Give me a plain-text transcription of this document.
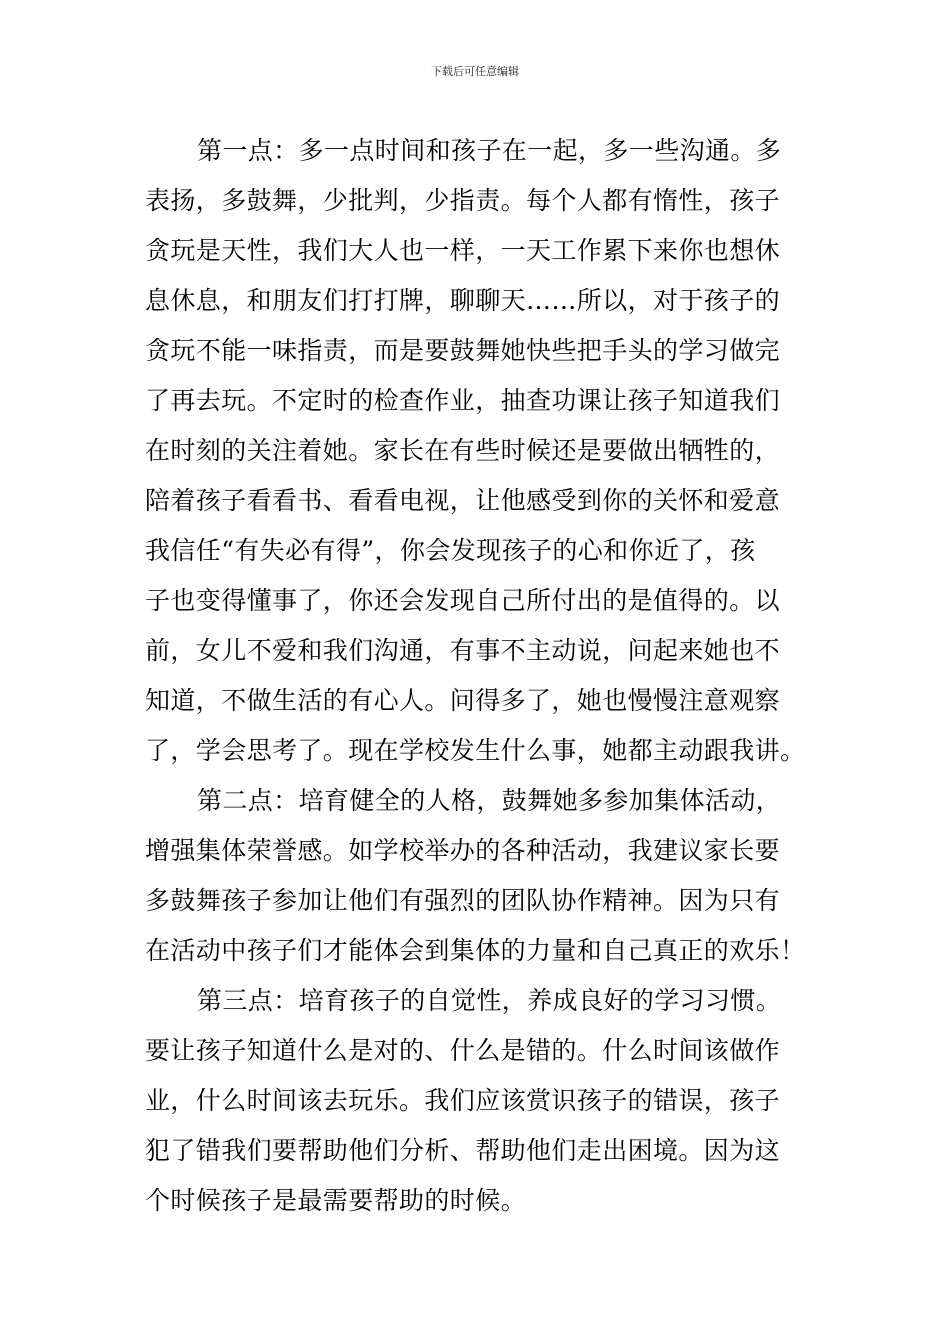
下载后可任意编辑
第一点：多一点时间和孩子在一起，多一些沟通。多
表扬，多鼓舞，少批判，少指责。每个人都有惰性，孩子
贪玩是天性，我们大人也一样，一天工作累下来你也想休
息休息，和朋友们打打牌，聊聊天……所以，对于孩子的
贪玩不能一味指责，而是要鼓舞她快些把手头的学习做完
了再去玩。不定时的检查作业，抽查功课让孩子知道我们
在时刻的关注着她。家长在有些时候还是要做出牺牲的，
陪着孩子看看书、看看电视，让他感受到你的关怀和爱意
我信任“有失必有得”，你会发现孩子的心和你近了，孩
子也变得懂事了，你还会发现自己所付出的是值得的。以
前，女儿不爱和我们沟通，有事不主动说，问起来她也不
知道，不做生活的有心人。问得多了，她也慢慢注意观察
了，学会思考了。现在学校发生什么事，她都主动跟我讲。
第二点：培育健全的人格，鼓舞她多参加集体活动，
增强集体荣誉感。如学校举办的各种活动，我建议家长要
多鼓舞孩子参加让他们有强烈的团队协作精神。因为只有
在活动中孩子们才能体会到集体的力量和自己真正的欢乐！
第三点：培育孩子的自觉性，养成良好的学习习惯。
要让孩子知道什么是对的、什么是错的。什么时间该做作
业，什么时间该去玩乐。我们应该赏识孩子的错误，孩子
犯了错我们要帮助他们分析、帮助他们走出困境。因为这
个时候孩子是最需要帮助的时候。
